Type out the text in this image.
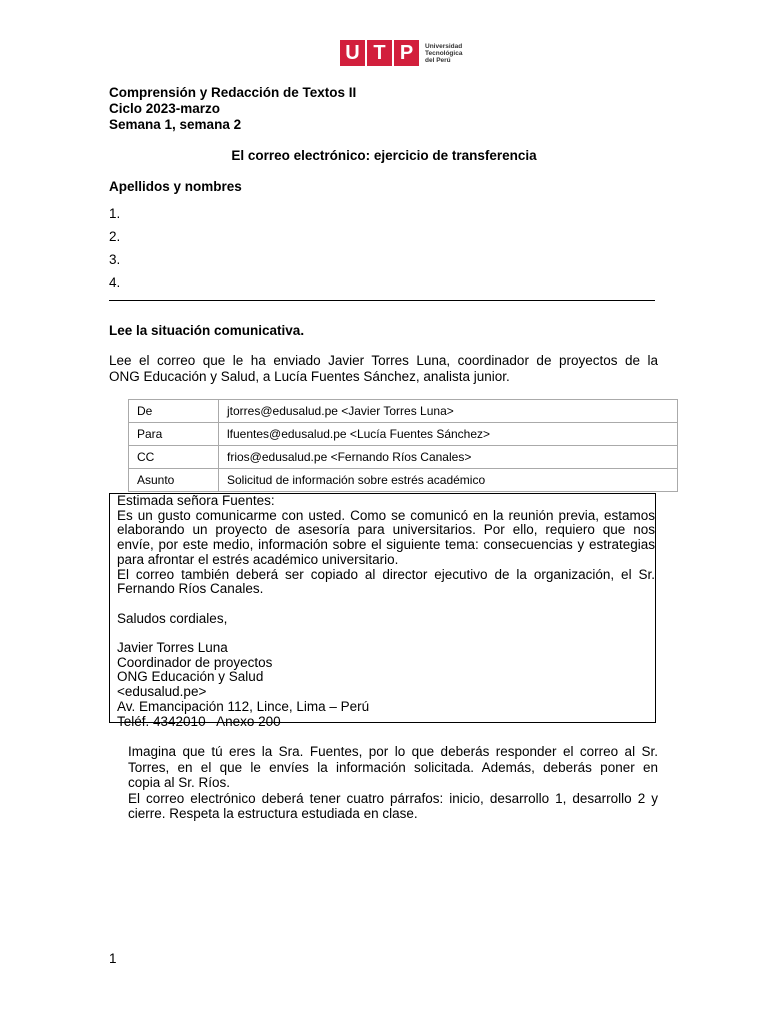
U T P	Universidad
Tecnológica
del Perú
Comprensión y Redacción de Textos II
Ciclo 2023-marzo
Semana 1, semana 2
El correo electrónico: ejercicio de transferencia
Apellidos y nombres
1.
2.
3.
4.
Lee la situación comunicativa.
Lee el correo que le ha enviado Javier Torres Luna, coordinador de proyectos de la
ONG Educación y Salud, a Lucía Fuentes Sánchez, analista junior.
De	jtorres@edusalud.pe <Javier Torres Luna>
Para	lfuentes@edusalud.pe <Lucía Fuentes Sánchez>
CC	frios@edusalud.pe <Fernando Ríos Canales>
Asunto	Solicitud de información sobre estrés académico
Estimada señora Fuentes:
Es un gusto comunicarme con usted. Como se comunicó en la reunión previa, estamos
elaborando un proyecto de asesoría para universitarios. Por ello, requiero que nos
envíe, por este medio, información sobre el siguiente tema: consecuencias y estrategias
para afrontar el estrés académico universitario.
El correo también deberá ser copiado al director ejecutivo de la organización, el Sr.
Fernando Ríos Canales.
Saludos cordiales,
Javier Torres Luna
Coordinador de proyectos
ONG Educación y Salud
<edusalud.pe>
Av. Emancipación 112, Lince, Lima – Perú
Teléf. 4342010   Anexo 200
Imagina que tú eres la Sra. Fuentes, por lo que deberás responder el correo al Sr.
Torres, en el que le envíes la información solicitada. Además, deberás poner en
copia al Sr. Ríos.
El correo electrónico deberá tener cuatro párrafos: inicio, desarrollo 1, desarrollo 2 y
cierre. Respeta la estructura estudiada en clase.
1
